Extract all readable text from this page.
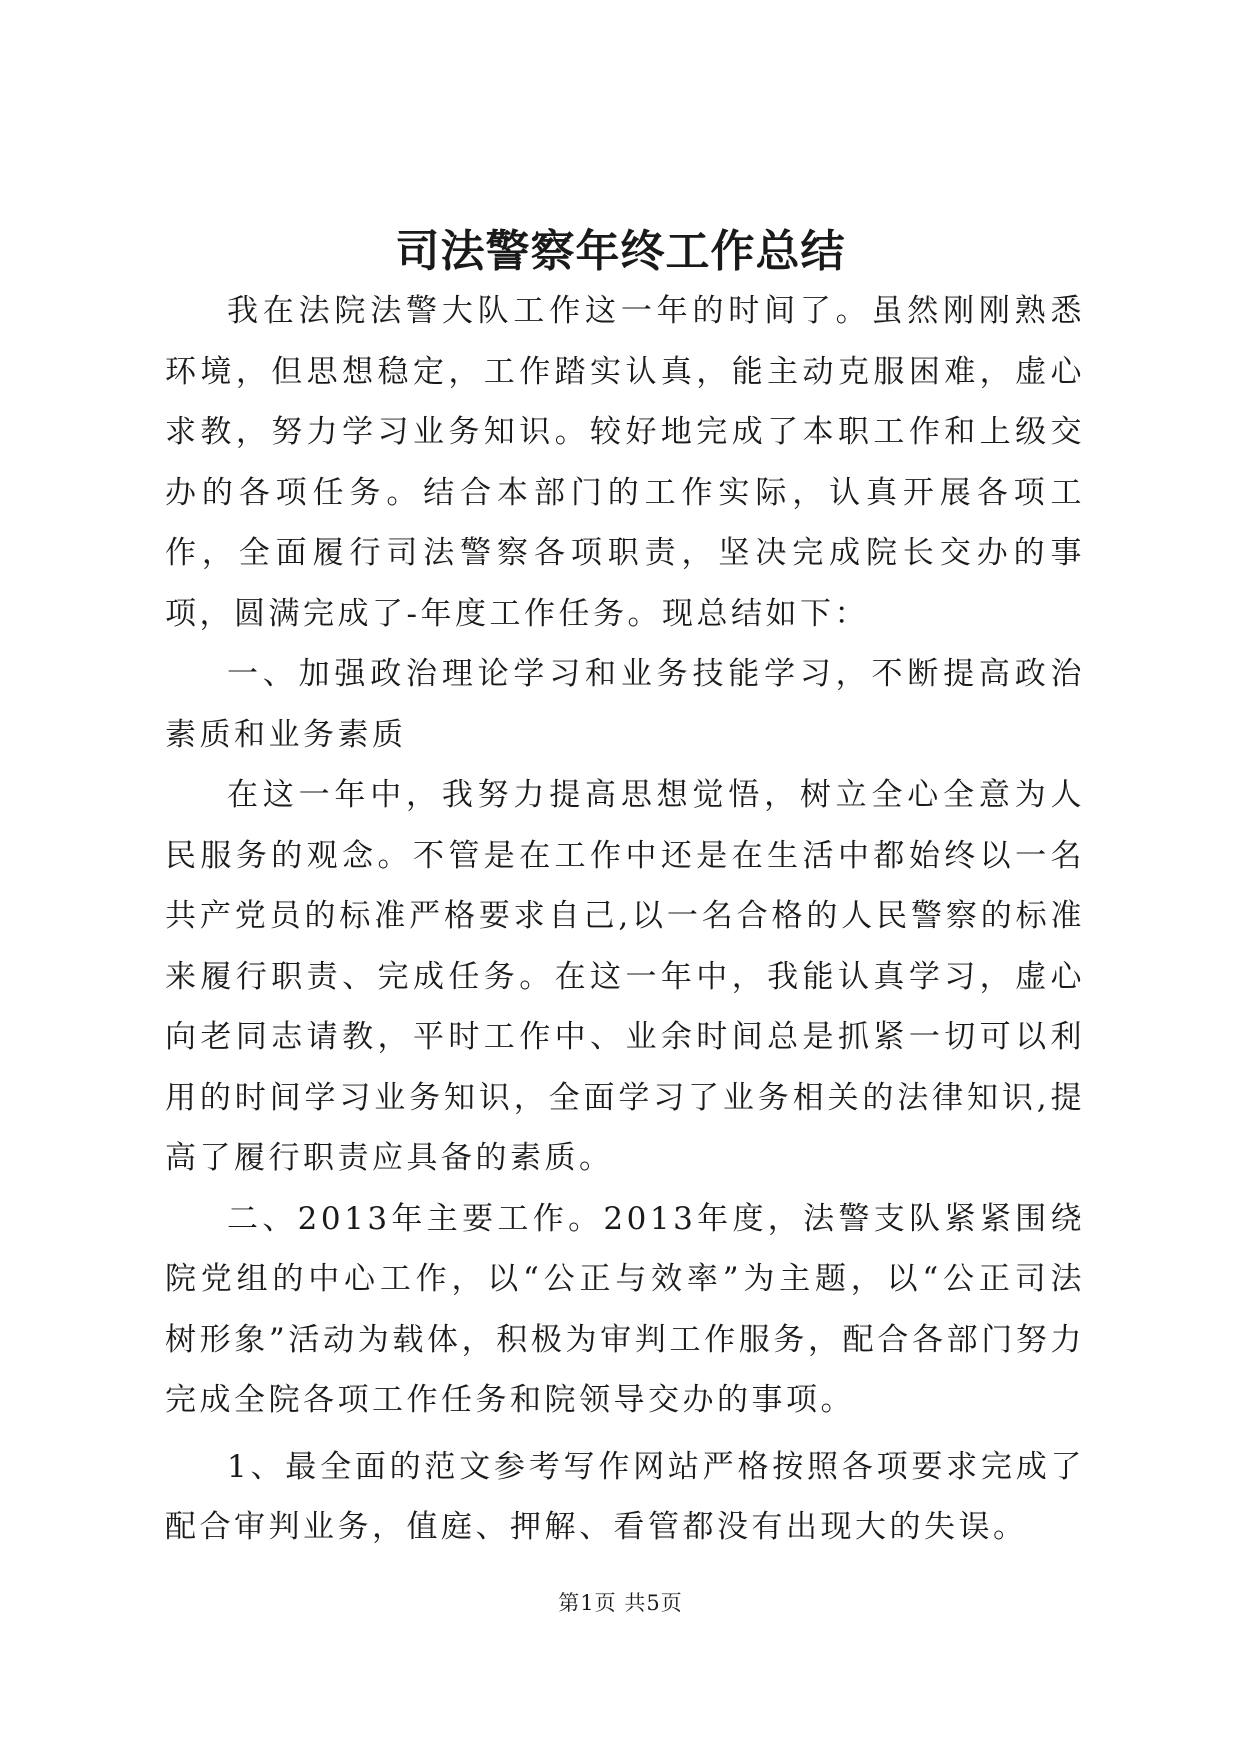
司法警察年终工作总结

我在法院法警大队工作这一年的时间了。虽然刚刚熟悉环境，但思想稳定，工作踏实认真，能主动克服困难，虚心求教，努力学习业务知识。较好地完成了本职工作和上级交办的各项任务。结合本部门的工作实际，认真开展各项工作，全面履行司法警察各项职责，坚决完成院长交办的事项，圆满完成了-年度工作任务。现总结如下：

一、加强政治理论学习和业务技能学习，不断提高政治素质和业务素质

在这一年中，我努力提高思想觉悟，树立全心全意为人民服务的观念。不管是在工作中还是在生活中都始终以一名共产党员的标准严格要求自己,以一名合格的人民警察的标准来履行职责、完成任务。在这一年中，我能认真学习，虚心向老同志请教，平时工作中、业余时间总是抓紧一切可以利用的时间学习业务知识，全面学习了业务相关的法律知识,提高了履行职责应具备的素质。

二、2013年主要工作。2013年度，法警支队紧紧围绕院党组的中心工作，以“公正与效率”为主题，以“公正司法树形象”活动为载体，积极为审判工作服务，配合各部门努力完成全院各项工作任务和院领导交办的事项。

1、最全面的范文参考写作网站严格按照各项要求完成了配合审判业务，值庭、押解、看管都没有出现大的失误。

第1页 共5页
